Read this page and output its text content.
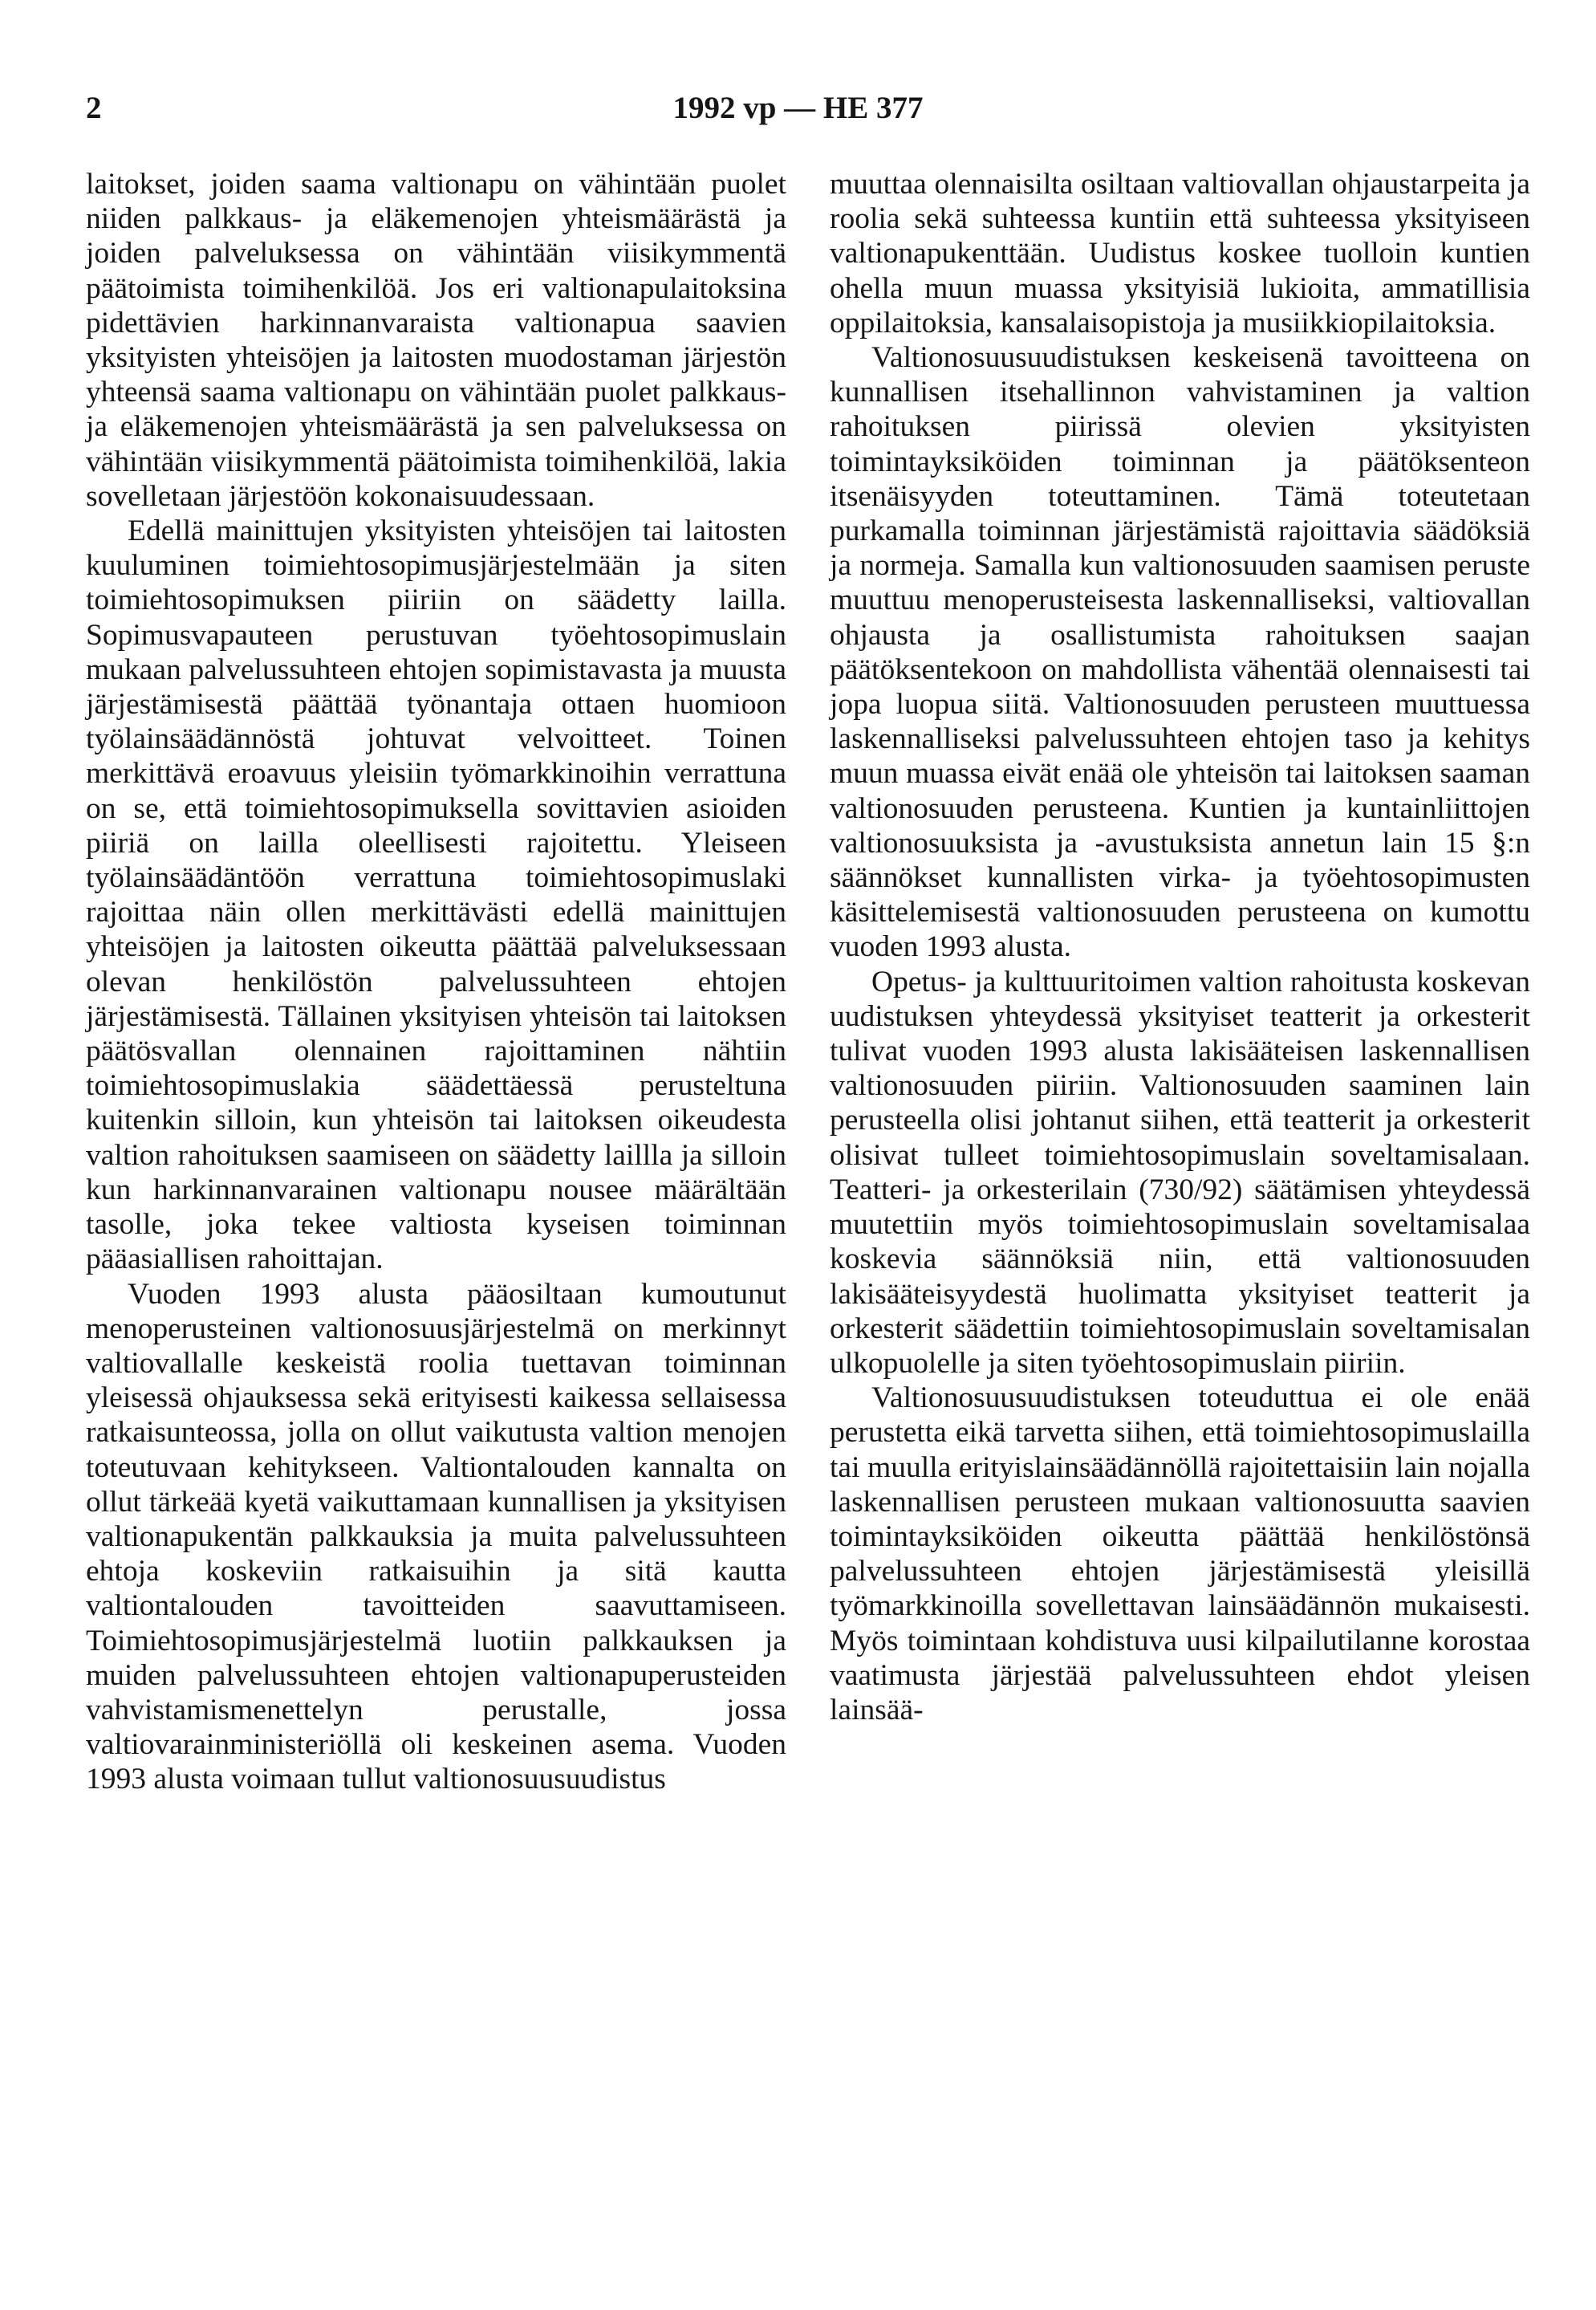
2	1992 vp — HE 377

laitokset, joiden saama valtionapu on vähintään puolet niiden palkkaus- ja eläkemenojen yhteismäärästä ja joiden palveluksessa on vähintään viisikymmentä päätoimista toimihenkilöä. Jos eri valtionapulaitoksina pidettävien harkinnanvaraista valtionapua saavien yksityisten yhteisöjen ja laitosten muodostaman järjestön yhteensä saama valtionapu on vähintään puolet palkkaus- ja eläkemenojen yhteismäärästä ja sen palveluksessa on vähintään viisikymmentä päätoimista toimihenkilöä, lakia sovelletaan järjestöön kokonaisuudessaan.

Edellä mainittujen yksityisten yhteisöjen tai laitosten kuuluminen toimiehtosopimusjärjestelmään ja siten toimiehtosopimuksen piiriin on säädetty lailla. Sopimusvapauteen perustuvan työehtosopimuslain mukaan palvelussuhteen ehtojen sopimistavasta ja muusta järjestämisestä päättää työnantaja ottaen huomioon työlainsäädännöstä johtuvat velvoitteet. Toinen merkittävä eroavuus yleisiin työmarkkinoihin verrattuna on se, että toimiehtosopimuksella sovittavien asioiden piiriä on lailla oleellisesti rajoitettu. Yleiseen työlainsäädäntöön verrattuna toimiehtosopimuslaki rajoittaa näin ollen merkittävästi edellä mainittujen yhteisöjen ja laitosten oikeutta päättää palveluksessaan olevan henkilöstön palvelussuhteen ehtojen järjestämisestä. Tällainen yksityisen yhteisön tai laitoksen päätösvallan olennainen rajoittaminen nähtiin toimiehtosopimuslakia säädettäessä perusteltuna kuitenkin silloin, kun yhteisön tai laitoksen oikeudesta valtion rahoituksen saamiseen on säädetty laillla ja silloin kun harkinnanvarainen valtionapu nousee määrältään tasolle, joka tekee valtiosta kyseisen toiminnan pääasiallisen rahoittajan.

Vuoden 1993 alusta pääosiltaan kumoutunut menoperusteinen valtionosuusjärjestelmä on merkinnyt valtiovallalle keskeistä roolia tuettavan toiminnan yleisessä ohjauksessa sekä erityisesti kaikessa sellaisessa ratkaisunteossa, jolla on ollut vaikutusta valtion menojen toteutuvaan kehitykseen. Valtiontalouden kannalta on ollut tärkeää kyetä vaikuttamaan kunnallisen ja yksityisen valtionapukentän palkkauksia ja muita palvelussuhteen ehtoja koskeviin ratkaisuihin ja sitä kautta valtiontalouden tavoitteiden saavuttamiseen. Toimiehtosopimusjärjestelmä luotiin palkkauksen ja muiden palvelussuhteen ehtojen valtionapuperusteiden vahvistamismenettelyn perustalle, jossa valtiovarainministeriöllä oli keskeinen asema. Vuoden 1993 alusta voimaan tullut valtionosuusuudistus

muuttaa olennaisilta osiltaan valtiovallan ohjaustarpeita ja roolia sekä suhteessa kuntiin että suhteessa yksityiseen valtionapukenttään. Uudistus koskee tuolloin kuntien ohella muun muassa yksityisiä lukioita, ammatillisia oppilaitoksia, kansalaisopistoja ja musiikkiopilaitoksia.

Valtionosuusuudistuksen keskeisenä tavoitteena on kunnallisen itsehallinnon vahvistaminen ja valtion rahoituksen piirissä olevien yksityisten toimintayksiköiden toiminnan ja päätöksenteon itsenäisyyden toteuttaminen. Tämä toteutetaan purkamalla toiminnan järjestämistä rajoittavia säädöksiä ja normeja. Samalla kun valtionosuuden saamisen peruste muuttuu menoperusteisesta laskennalliseksi, valtiovallan ohjausta ja osallistumista rahoituksen saajan päätöksentekoon on mahdollista vähentää olennaisesti tai jopa luopua siitä. Valtionosuuden perusteen muuttuessa laskennalliseksi palvelussuhteen ehtojen taso ja kehitys muun muassa eivät enää ole yhteisön tai laitoksen saaman valtionosuuden perusteena. Kuntien ja kuntainliittojen valtionosuuksista ja -avustuksista annetun lain 15 §:n säännökset kunnallisten virka- ja työehtosopimusten käsittelemisestä valtionosuuden perusteena on kumottu vuoden 1993 alusta.

Opetus- ja kulttuuritoimen valtion rahoitusta koskevan uudistuksen yhteydessä yksityiset teatterit ja orkesterit tulivat vuoden 1993 alusta lakisääteisen laskennallisen valtionosuuden piiriin. Valtionosuuden saaminen lain perusteella olisi johtanut siihen, että teatterit ja orkesterit olisivat tulleet toimiehtosopimuslain soveltamisalaan. Teatteri- ja orkesterilain (730/92) säätämisen yhteydessä muutettiin myös toimiehtosopimuslain soveltamisalaa koskevia säännöksiä niin, että valtionosuuden lakisääteisyydestä huolimatta yksityiset teatterit ja orkesterit säädettiin toimiehtosopimuslain soveltamisalan ulkopuolelle ja siten työehtosopimuslain piiriin.

Valtionosuusuudistuksen toteuduttua ei ole enää perustetta eikä tarvetta siihen, että toimiehtosopimuslailla tai muulla erityislainsäädännöllä rajoitettaisiin lain nojalla laskennallisen perusteen mukaan valtionosuutta saavien toimintayksiköiden oikeutta päättää henkilöstönsä palvelussuhteen ehtojen järjestämisestä yleisillä työmarkkinoilla sovellettavan lainsäädännön mukaisesti. Myös toimintaan kohdistuva uusi kilpailutilanne korostaa vaatimusta järjestää palvelussuhteen ehdot yleisen lainsää-
